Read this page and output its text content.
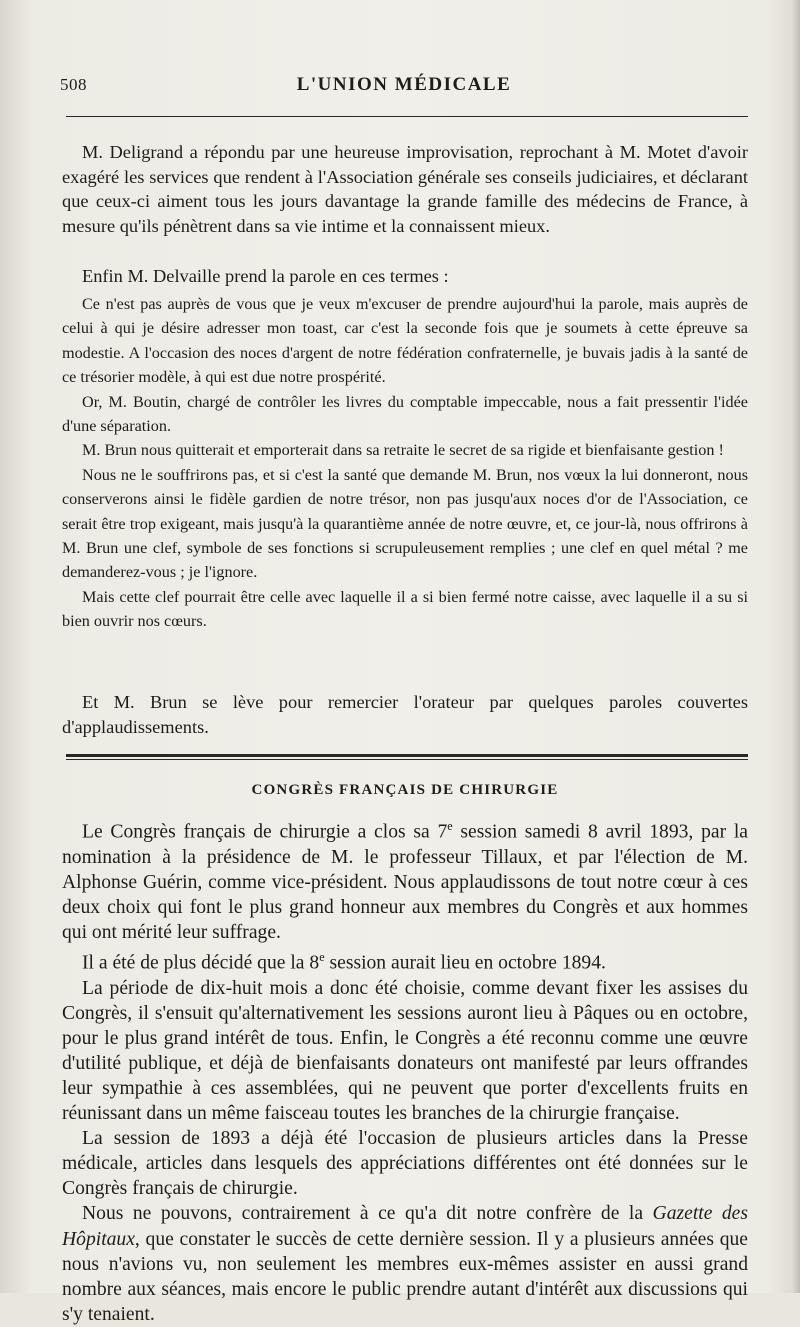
508	L'UNION MÉDICALE

M. Deligrand a répondu par une heureuse improvisation, reprochant à M. Motet d'avoir exagéré les services que rendent à l'Association générale ses conseils judiciaires, et déclarant que ceux-ci aiment tous les jours davantage la grande famille des médecins de France, à mesure qu'ils pénètrent dans sa vie intime et la connaissent mieux.

Enfin M. Delvaille prend la parole en ces termes :

Ce n'est pas auprès de vous que je veux m'excuser de prendre aujourd'hui la parole, mais auprès de celui à qui je désire adresser mon toast, car c'est la seconde fois que je soumets à cette épreuve sa modestie. A l'occasion des noces d'argent de notre fédération confraternelle, je buvais jadis à la santé de ce trésorier modèle, à qui est due notre prospérité.

Or, M. Boutin, chargé de contrôler les livres du comptable impeccable, nous a fait pressentir l'idée d'une séparation.

M. Brun nous quitterait et emporterait dans sa retraite le secret de sa rigide et bienfaisante gestion !

Nous ne le souffrirons pas, et si c'est la santé que demande M. Brun, nos vœux la lui donneront, nous conserverons ainsi le fidèle gardien de notre trésor, non pas jusqu'aux noces d'or de l'Association, ce serait être trop exigeant, mais jusqu'à la quarantième année de notre œuvre, et, ce jour-là, nous offrirons à M. Brun une clef, symbole de ses fonctions si scrupuleusement remplies ; une clef en quel métal ? me demanderez-vous ; je l'ignore.

Mais cette clef pourrait être celle avec laquelle il a si bien fermé notre caisse, avec laquelle il a su si bien ouvrir nos cœurs.

Et M. Brun se lève pour remercier l'orateur par quelques paroles couvertes d'applaudissements.

CONGRÈS FRANÇAIS DE CHIRURGIE

Le Congrès français de chirurgie a clos sa 7e session samedi 8 avril 1893, par la nomination à la présidence de M. le professeur Tillaux, et par l'élection de M. Alphonse Guérin, comme vice-président. Nous applaudissons de tout notre cœur à ces deux choix qui font le plus grand honneur aux membres du Congrès et aux hommes qui ont mérité leur suffrage.

Il a été de plus décidé que la 8e session aurait lieu en octobre 1894.

La période de dix-huit mois a donc été choisie, comme devant fixer les assises du Congrès, il s'ensuit qu'alternativement les sessions auront lieu à Pâques ou en octobre, pour le plus grand intérêt de tous. Enfin, le Congrès a été reconnu comme une œuvre d'utilité publique, et déjà de bienfaisants donateurs ont manifesté par leurs offrandes leur sympathie à ces assemblées, qui ne peuvent que porter d'excellents fruits en réunissant dans un même faisceau toutes les branches de la chirurgie française.

La session de 1893 a déjà été l'occasion de plusieurs articles dans la Presse médicale, articles dans lesquels des appréciations différentes ont été données sur le Congrès français de chirurgie.

Nous ne pouvons, contrairement à ce qu'a dit notre confrère de la Gazette des Hôpitaux, que constater le succès de cette dernière session. Il y a plusieurs années que nous n'avions vu, non seulement les membres eux-mêmes assister en aussi grand nombre aux séances, mais encore le public prendre autant d'intérêt aux discussions qui s'y tenaient.
